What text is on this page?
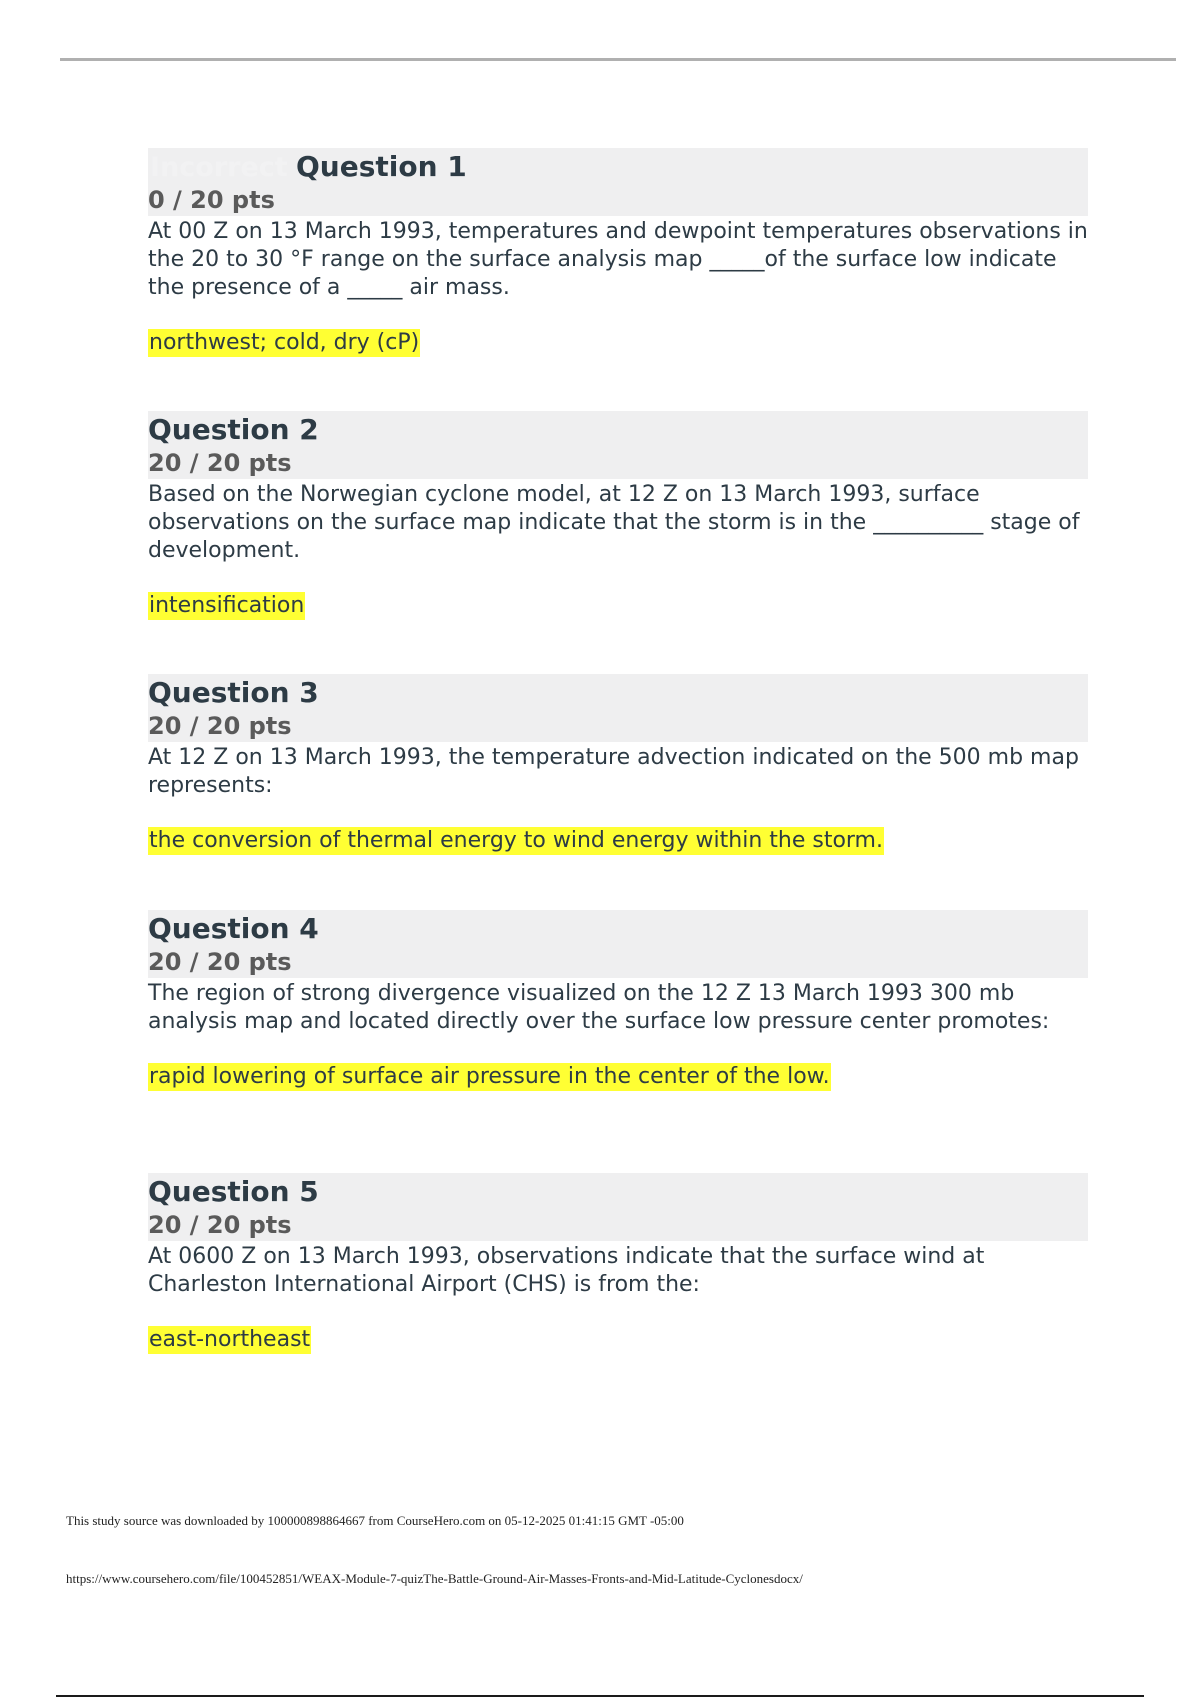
Incorrect Question 1
0 / 20 pts

At 00 Z on 13 March 1993, temperatures and dewpoint temperatures observations in the 20 to 30 °F range on the surface analysis map _____of the surface low indicate the presence of a _____ air mass.

northwest; cold, dry (cP)
Question 2
20 / 20 pts

Based on the Norwegian cyclone model, at 12 Z on 13 March 1993, surface observations on the surface map indicate that the storm is in the __________ stage of development.

intensification
Question 3
20 / 20 pts

At 12 Z on 13 March 1993, the temperature advection indicated on the 500 mb map represents:

the conversion of thermal energy to wind energy within the storm.
Question 4
20 / 20 pts

The region of strong divergence visualized on the 12 Z 13 March 1993 300 mb analysis map and located directly over the surface low pressure center promotes:

rapid lowering of surface air pressure in the center of the low.
Question 5
20 / 20 pts

At 0600 Z on 13 March 1993, observations indicate that the surface wind at Charleston International Airport (CHS) is from the:

east-northeast
This study source was downloaded by 100000898864667 from CourseHero.com on 05-12-2025 01:41:15 GMT -05:00
https://www.coursehero.com/file/100452851/WEAX-Module-7-quizThe-Battle-Ground-Air-Masses-Fronts-and-Mid-Latitude-Cyclonesdocx/
